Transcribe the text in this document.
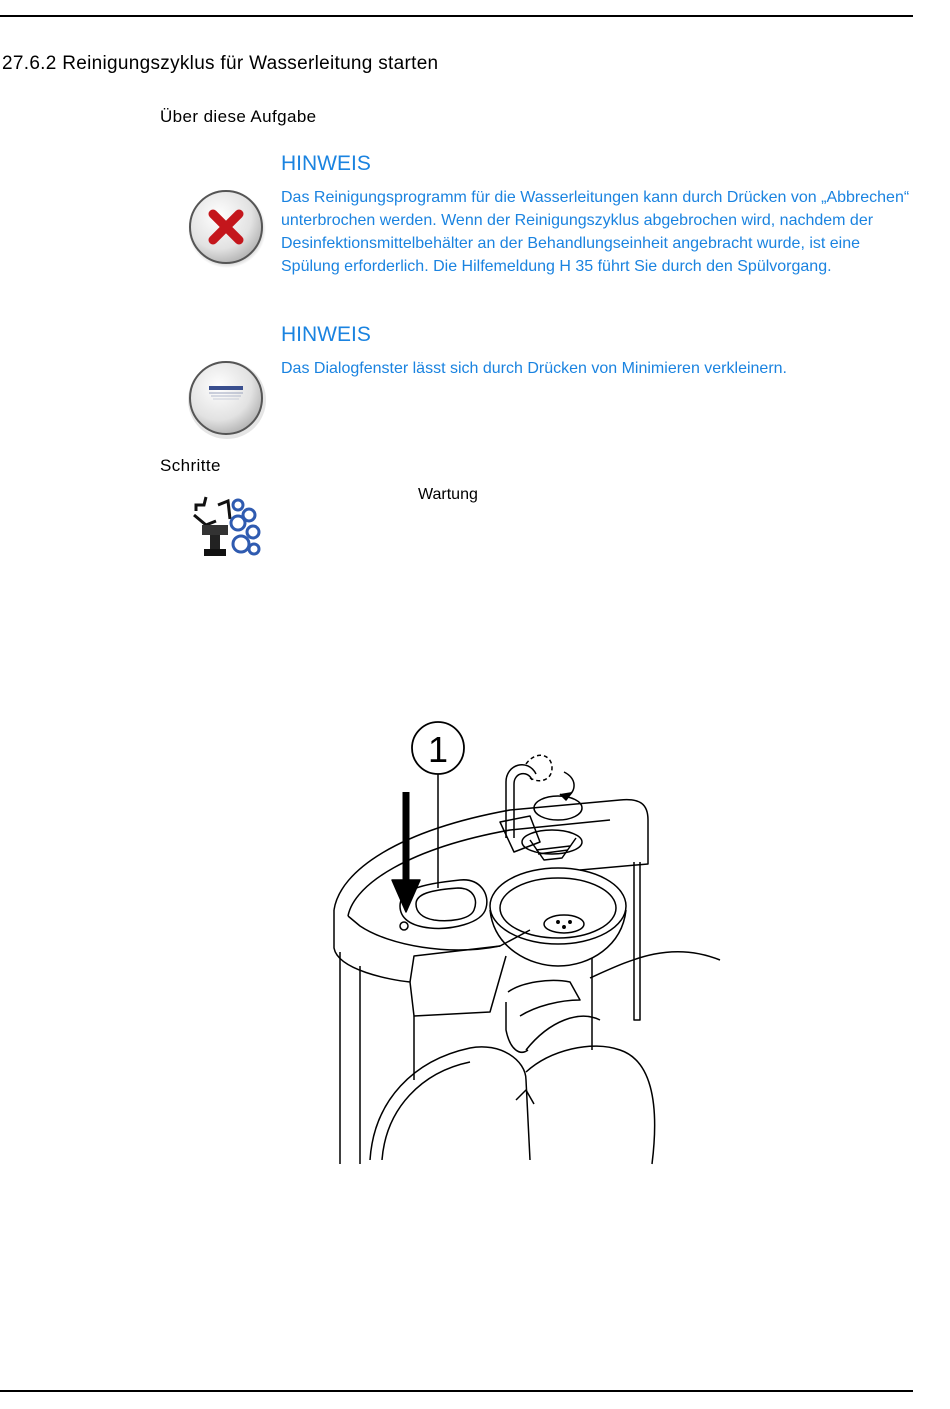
27.6.2 Reinigungszyklus für Wasserleitung starten
Über diese Aufgabe
HINWEIS
Das Reinigungsprogramm für die Wasserleitungen kann durch Drücken von „Abbrechen“ unterbrochen werden. Wenn der Reinigungszyklus abgebrochen wird, nachdem der Desinfektionsmittelbehälter an der Behandlungseinheit angebracht wurde, ist eine Spülung erforderlich. Die Hilfemeldung H 35 führt Sie durch den Spülvorgang.
HINWEIS
Das Dialogfenster lässt sich durch Drücken von Minimieren verkleinern.
Schritte
Wartung
1
